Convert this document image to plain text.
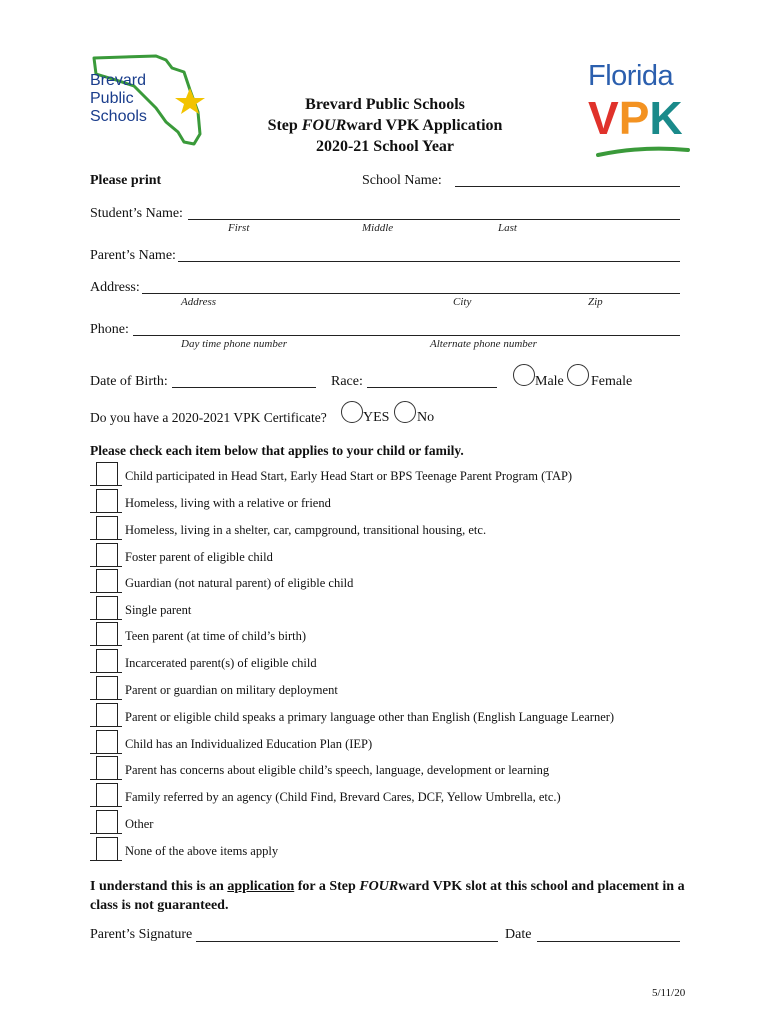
Brevard
Public
Schools
Brevard Public Schools
Step FOURward VPK Application
2020-21 School Year
Florida
VPK
Please print	School Name:
Student’s Name:
First	Middle	Last
Parent’s Name:
Address:
Address	City	Zip
Phone:
Day time phone number	Alternate phone number
Date of Birth:	Race:	Male Female
Do you have a 2020-2021 VPK Certificate?	YES No
Please check each item below that applies to your child or family.
Child participated in Head Start, Early Head Start or BPS Teenage Parent Program (TAP)
Homeless, living with a relative or friend
Homeless, living in a shelter, car, campground, transitional housing, etc.
Foster parent of eligible child
Guardian (not natural parent) of eligible child
Single parent
Teen parent (at time of child’s birth)
Incarcerated parent(s) of eligible child
Parent or guardian on military deployment
Parent or eligible child speaks a primary language other than English (English Language Learner)
Child has an Individualized Education Plan (IEP)
Parent has concerns about eligible child’s speech, language, development or learning
Family referred by an agency (Child Find, Brevard Cares, DCF, Yellow Umbrella, etc.)
Other
None of the above items apply
I understand this is an application for a Step FOURward VPK slot at this school and placement in a class is not guaranteed.
Parent’s Signature	Date
5/11/20
